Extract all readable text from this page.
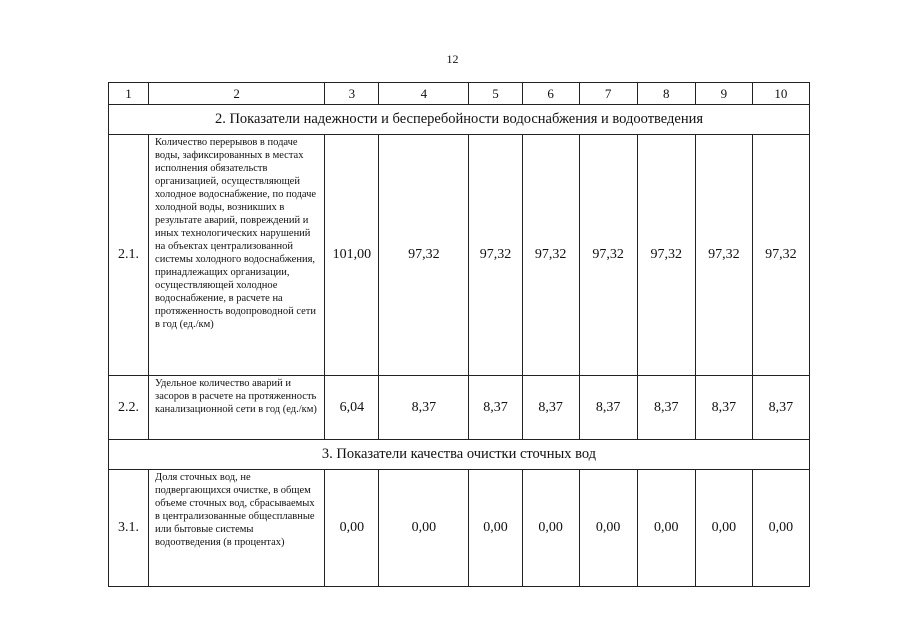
12
1	2	3	4	5	6	7	8	9	10
2. Показатели надежности и бесперебойности водоснабжения и водоотведения									
2.1.	Количество перерывов в подаче воды, зафиксированных в местах исполнения обязательств организацией, осуществляющей холодное водоснабжение, по подаче холодной воды, возникших в результате аварий, повреждений и иных технологических нарушений на объектах централизованной системы холодного водоснабжения, принадлежащих организации, осуществляющей холодное водоснабжение, в расчете на протяженность водопроводной сети в год (ед./км)	101,00	97,32	97,32	97,32	97,32	97,32	97,32	97,32
2.2.	Удельное количество аварий и засоров в расчете на протяженность канализационной сети в год (ед./км)	6,04	8,37	8,37	8,37	8,37	8,37	8,37	8,37
3. Показатели качества очистки сточных вод									
3.1.	Доля сточных вод, не подвергающихся очистке, в общем объеме сточных вод, сбрасываемых в централизованные общесплавные или бытовые системы водоотведения (в процентах)	0,00	0,00	0,00	0,00	0,00	0,00	0,00	0,00
